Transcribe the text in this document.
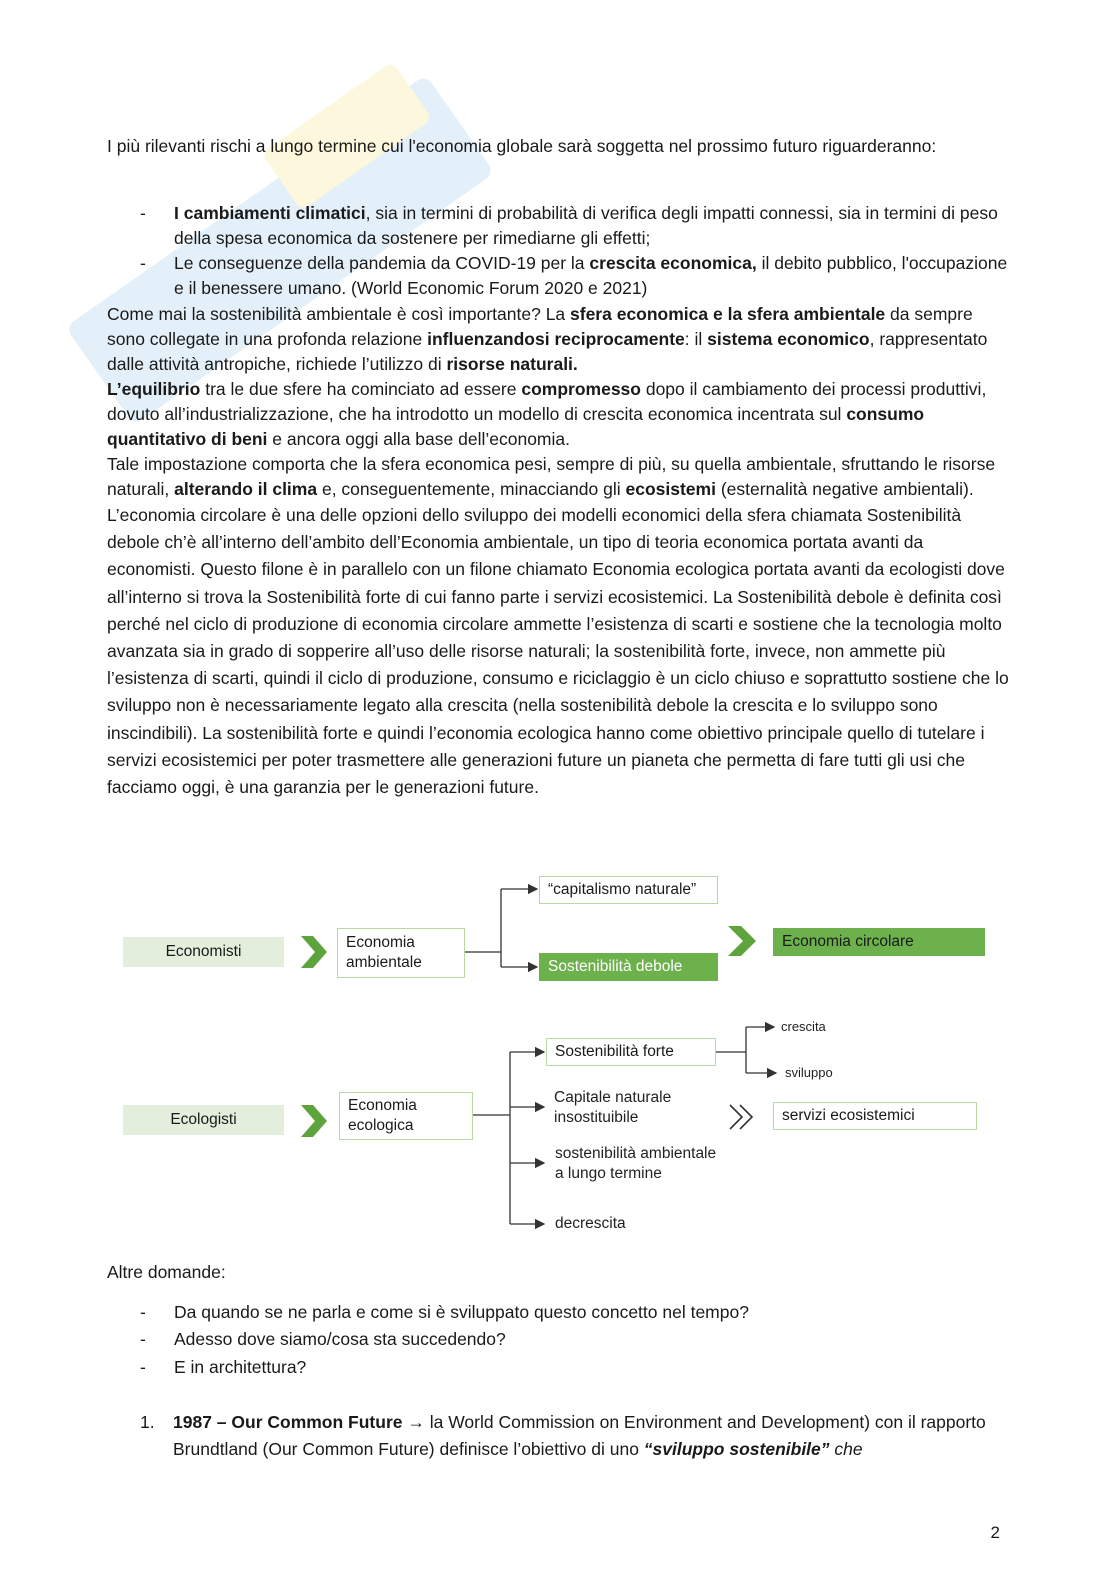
I più rilevanti rischi a lungo termine cui l'economia globale sarà soggetta nel prossimo futuro riguarderanno:
-	I cambiamenti climatici, sia in termini di probabilità di verifica degli impatti connessi, sia in termini di peso della spesa economica da sostenere per rimediarne gli effetti;
-	Le conseguenze della pandemia da COVID-19 per la crescita economica, il debito pubblico, l'occupazione e il benessere umano. (World Economic Forum 2020 e 2021)

Come mai la sostenibilità ambientale è così importante? La sfera economica e la sfera ambientale da sempre sono collegate in una profonda relazione influenzandosi reciprocamente: il sistema economico, rappresentato dalle attività antropiche, richiede l’utilizzo di risorse naturali.

L’equilibrio tra le due sfere ha cominciato ad essere compromesso dopo il cambiamento dei processi produttivi, dovuto all’industrializzazione, che ha introdotto un modello di crescita economica incentrata sul consumo quantitativo di beni e ancora oggi alla base dell’economia.

Tale impostazione comporta che la sfera economica pesi, sempre di più, su quella ambientale, sfruttando le risorse naturali, alterando il clima e, conseguentemente, minacciando gli ecosistemi (esternalità negative ambientali).

L’economia circolare è una delle opzioni dello sviluppo dei modelli economici della sfera chiamata Sostenibilità debole ch’è all’interno dell’ambito dell’Economia ambientale, un tipo di teoria economica portata avanti da economisti. Questo filone è in parallelo con un filone chiamato Economia ecologica portata avanti da ecologisti dove all’interno si trova la Sostenibilità forte di cui fanno parte i servizi ecosistemici. La Sostenibilità debole è definita così perché nel ciclo di produzione di economia circolare ammette l’esistenza di scarti e sostiene che la tecnologia molto avanzata sia in grado di sopperire all’uso delle risorse naturali; la sostenibilità forte, invece, non ammette più l’esistenza di scarti, quindi il ciclo di produzione, consumo e riciclaggio è un ciclo chiuso e soprattutto sostiene che lo sviluppo non è necessariamente legato alla crescita (nella sostenibilità debole la crescita e lo sviluppo sono inscindibili). La sostenibilità forte e quindi l’economia ecologica hanno come obiettivo principale quello di tutelare i servizi ecosistemici per poter trasmettere alle generazioni future un pianeta che permetta di fare tutti gli usi che facciamo oggi, è una garanzia per le generazioni future.

Economisti
Economia
ambientale
“capitalismo naturale”
Sostenibilità debole
Economia circolare
Ecologisti
Economia
ecologica
Sostenibilità forte
crescita
sviluppo
Capitale naturale
insostituibile	servizi ecosistemici
sostenibilità ambientale
a lungo termine
decrescita
Altre domande:
- Da quando se ne parla e come si è sviluppato questo concetto nel tempo?
- Adesso dove siamo/cosa sta succedendo?
- E in architettura?
1. 1987 – Our Common Future → la World Commission on Environment and Development) con il rapporto Brundtland (Our Common Future) definisce l’obiettivo di uno “sviluppo sostenibile” che
2
